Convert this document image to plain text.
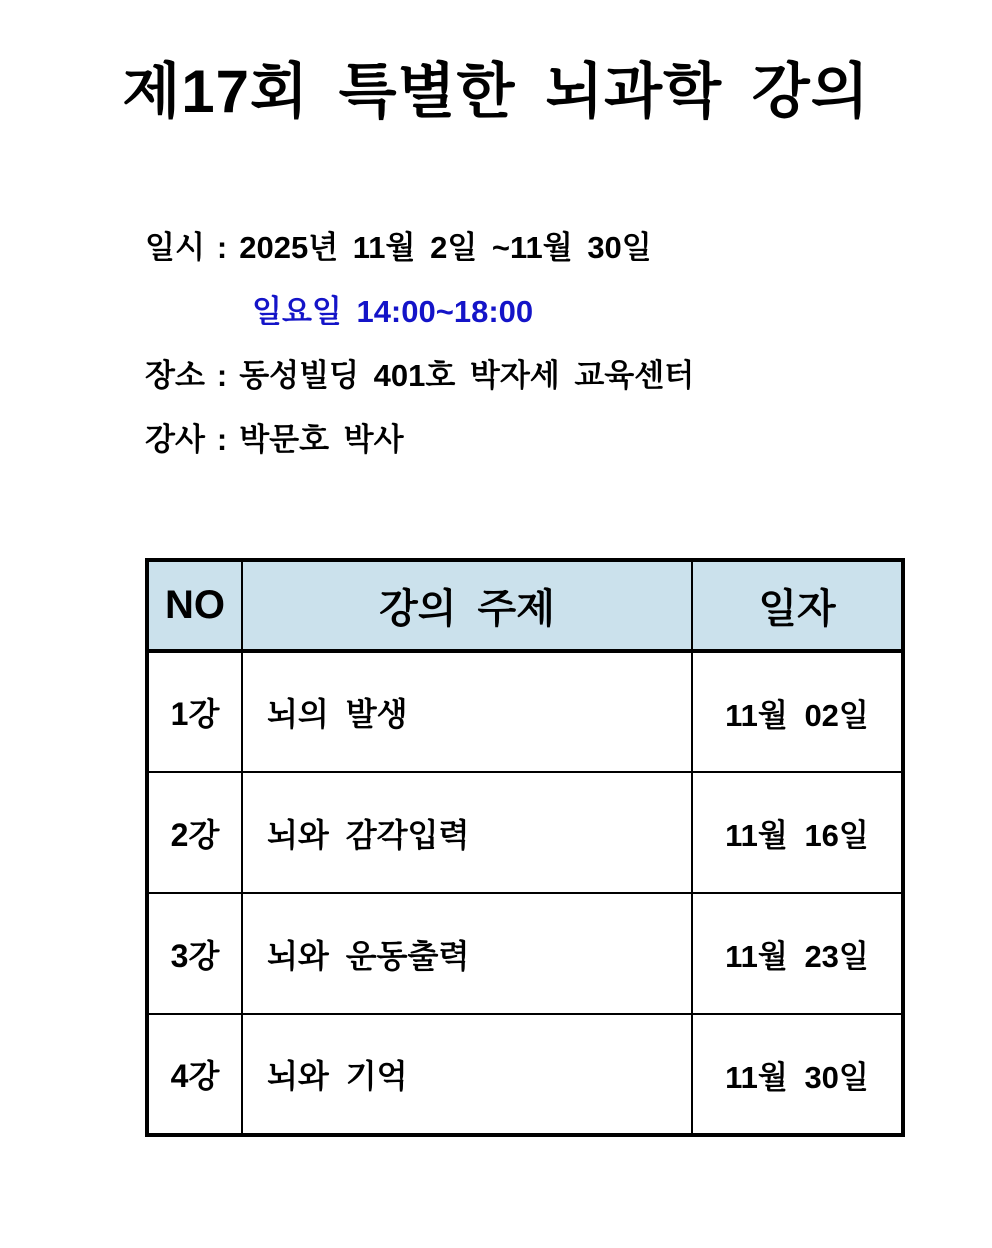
제17회 특별한 뇌과학 강의
일시 : 2025년 11월 2일 ~11월 30일
일요일 14:00~18:00
장소 : 동성빌딩 401호 박자세 교육센터
강사 : 박문호 박사
NO	강의 주제	일자
1강	뇌의 발생	11월 02일
2강	뇌와 감각입력	11월 16일
3강	뇌와 운동출력	11월 23일
4강	뇌와 기억	11월 30일
